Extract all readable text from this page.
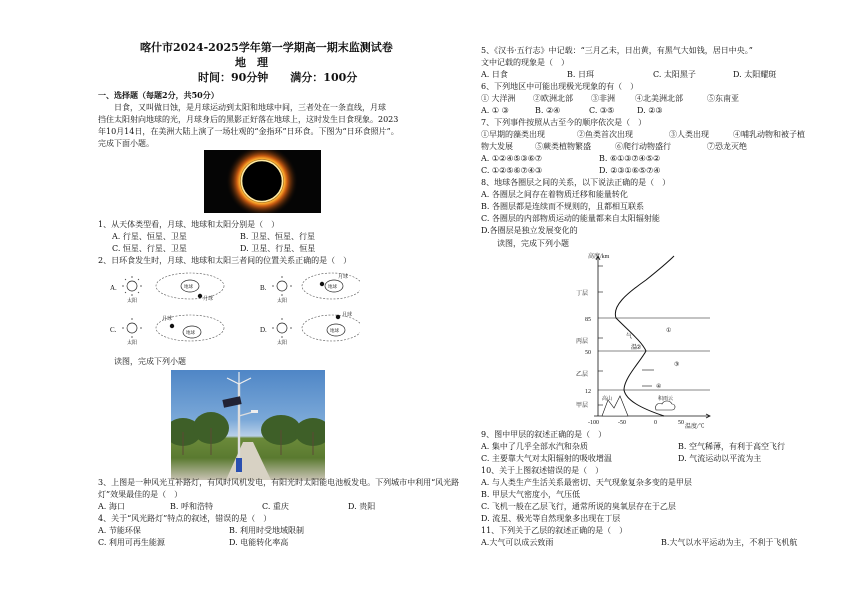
喀什市2024-2025学年第一学期高一期末监测试卷
地　理
时间：90分钟　　满分：100分
一、选择题（每题2分，共50分）
　　日食，又叫做日蚀，是月球运动到太阳和地球中间，三者处在一条直线，月球
挡住太阳射向地球的光，月球身后的黑影正好落在地球上，这时发生日食现象。2023
年10月14日，在美洲大陆上演了一场壮观的“金指环”日环食。下图为“日环食照片”。
完成下面小题。
1、从天体类型看，月球、地球和太阳分别是（　）
A. 行星、恒星、卫星	B. 卫星、恒星、行星
C. 恒星、行星、卫星	D. 卫星、行星、恒星
2、日环食发生时，月球、地球和太阳三者间的位置关系正确的是（　）
A.
太阳
地球
月球
B.
太阳
地球
月球
C.
太阳
月球
地球	D.
太阳
月球
地球
　　读图，完成下列小题
3、上图是一种风光互补路灯，有风时风机发电，有阳光时太阳能电池板发电。下列城市中利用“风光路
灯”效果最佳的是（　）
A. 海口	B. 呼和浩特	C. 重庆	D. 贵阳
4、关于“风光路灯”特点的叙述，错误的是（　）
A. 节能环保	B. 利用时受地域限制
C. 利用可再生能源	D. 电能转化率高
5、《汉书·五行志》中记载：“三月乙未，日出黄，有黑气大如钱，居日中央。”
文中记载的现象是（　）
A. 日食	B. 日珥	C. 太阳黑子	D. 太阳耀斑
6、下列地区中可能出现极光现象的有（　）
① 大洋洲 ②欧洲北部 ③非洲	④北美洲北部	⑤东南亚
A. ① ③	B. ②④	C. ③⑤	D. ②③
7、下列事件按照从古至今的顺序依次是（　）
①早期的藻类出现	②鱼类首次出现	③人类出现	④哺乳动物和被子植
物大发展	⑤蕨类植物繁盛	⑥爬行动物盛行	⑦恐龙灭绝
A. ①②④⑤③⑥⑦	B. ⑥①③⑦④⑤②
C. ①②⑤⑥⑦④③	D. ②③①⑥⑤⑦④
8、地球各圈层之间的关系，以下说法正确的是（　）
A. 各圈层之间存在着物质迁移和能量转化
B. 各圈层都是连续而不规则的，且都相互联系
C. 各圈层的内部物质运动的能量都来自太阳辐射能
D.各圈层是独立发展变化的
　　读图，完成下列小题
高度/km
温度/℃
丁层
丙层
乙层
甲层
85
50
12
-100	-50	0	50
①
②
③
④
气
温
高山	积雨云
9、图中甲层的叙述正确的是（　）
A. 集中了几乎全部水汽和杂质	B. 空气稀薄，有利于高空飞行
C. 主要靠大气对太阳辐射的吸收增温	D. 气流运动以平流为主
10、关于上图叙述错误的是（　）
A. 与人类生产生活关系最密切、天气现象复杂多变的是甲层
B. 甲层大气密度小，气压低
C. 飞机一般在乙层飞行，通常所说的臭氧层存在于乙层
D. 流星、极光等自然现象多出现在丁层
11、下列关于乙层的叙述正确的是（　）
A.大气可以成云致雨	B.大气以水平运动为主，不利于飞机航
